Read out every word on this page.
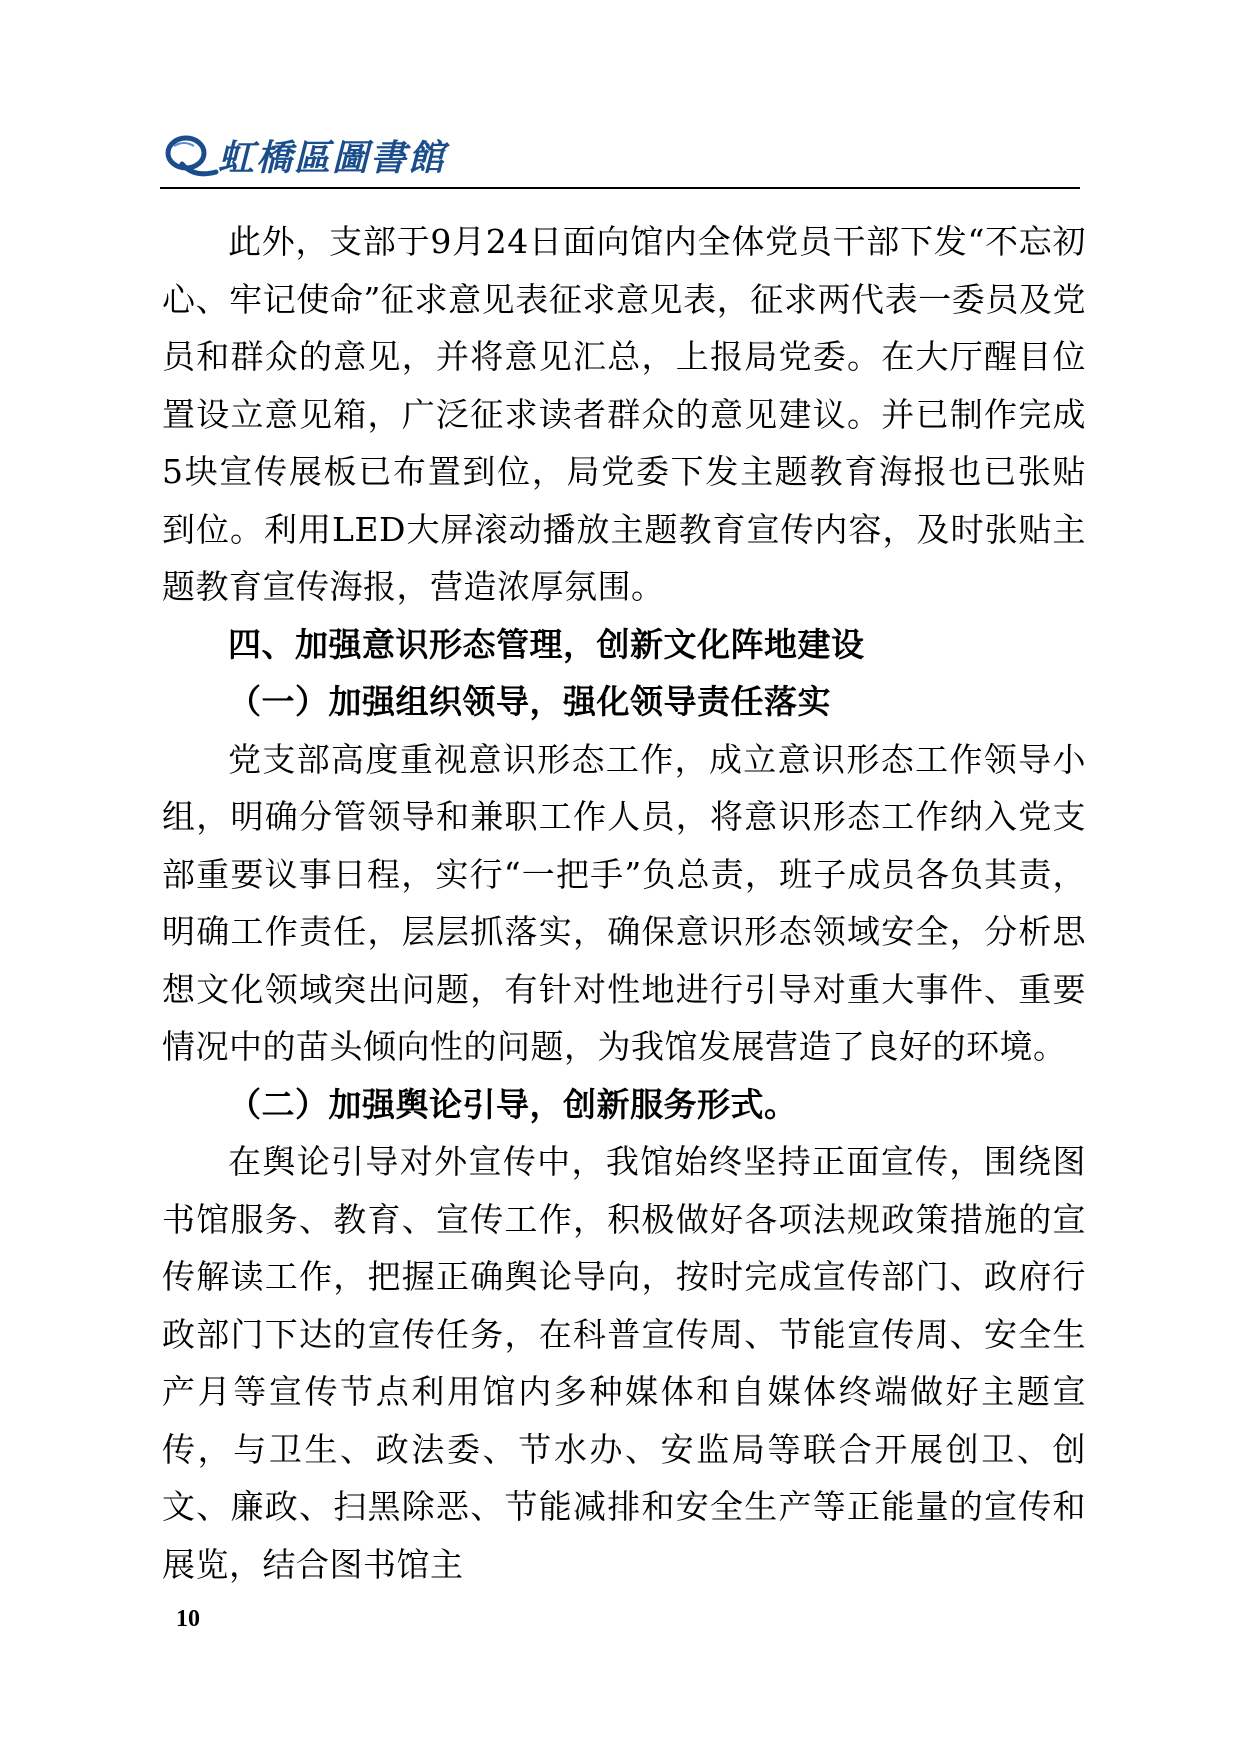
虹橋區圖書館

此外，支部于9月24日面向馆内全体党员干部下发“不忘初心、牢记使命”征求意见表征求意见表，征求两代表一委员及党员和群众的意见，并将意见汇总，上报局党委。在大厅醒目位置设立意见箱，广泛征求读者群众的意见建议。并已制作完成5块宣传展板已布置到位，局党委下发主题教育海报也已张贴到位。利用LED大屏滚动播放主题教育宣传内容，及时张贴主题教育宣传海报，营造浓厚氛围。

四、加强意识形态管理，创新文化阵地建设

（一）加强组织领导，强化领导责任落实

党支部高度重视意识形态工作，成立意识形态工作领导小组，明确分管领导和兼职工作人员，将意识形态工作纳入党支部重要议事日程，实行“一把手”负总责，班子成员各负其责，明确工作责任，层层抓落实，确保意识形态领域安全，分析思想文化领域突出问题，有针对性地进行引导对重大事件、重要情况中的苗头倾向性的问题，为我馆发展营造了良好的环境。

（二）加强舆论引导，创新服务形式。

在舆论引导对外宣传中，我馆始终坚持正面宣传，围绕图书馆服务、教育、宣传工作，积极做好各项法规政策措施的宣传解读工作，把握正确舆论导向，按时完成宣传部门、政府行政部门下达的宣传任务，在科普宣传周、节能宣传周、安全生产月等宣传节点利用馆内多种媒体和自媒体终端做好主题宣传，与卫生、政法委、节水办、安监局等联合开展创卫、创文、廉政、扫黑除恶、节能减排和安全生产等正能量的宣传和展览，结合图书馆主

10
